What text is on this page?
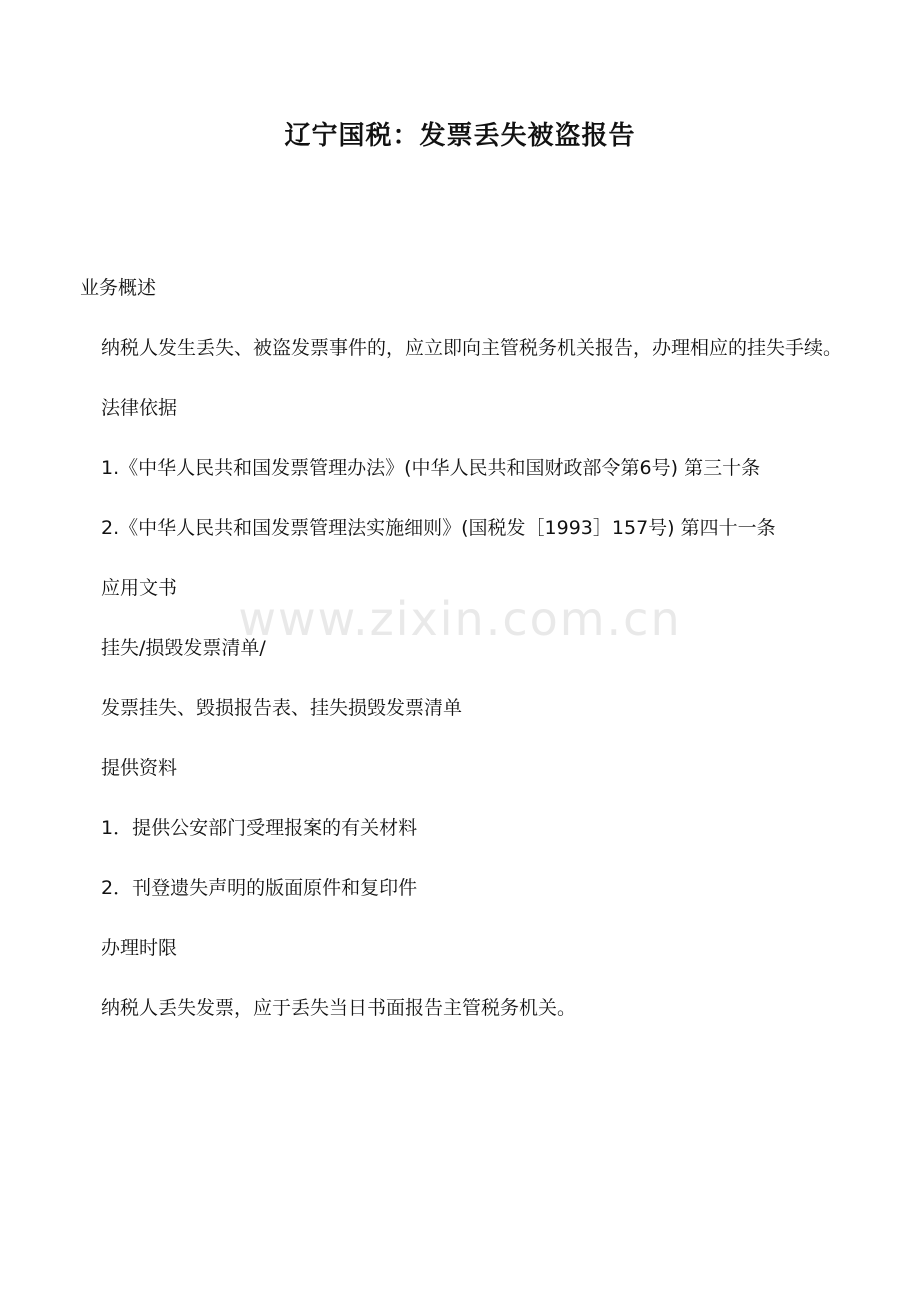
辽宁国税：发票丢失被盗报告
www.zixin.com.cn

业务概述

纳税人发生丢失、被盗发票事件的，应立即向主管税务机关报告，办理相应的挂失手续。

法律依据

1.《中华人民共和国发票管理办法》(中华人民共和国财政部令第6号) 第三十条

2.《中华人民共和国发票管理法实施细则》(国税发［1993］157号) 第四十一条

应用文书

挂失/损毁发票清单/

发票挂失、毁损报告表、挂失损毁发票清单

提供资料

1．提供公安部门受理报案的有关材料

2．刊登遗失声明的版面原件和复印件

办理时限

纳税人丢失发票，应于丢失当日书面报告主管税务机关。
